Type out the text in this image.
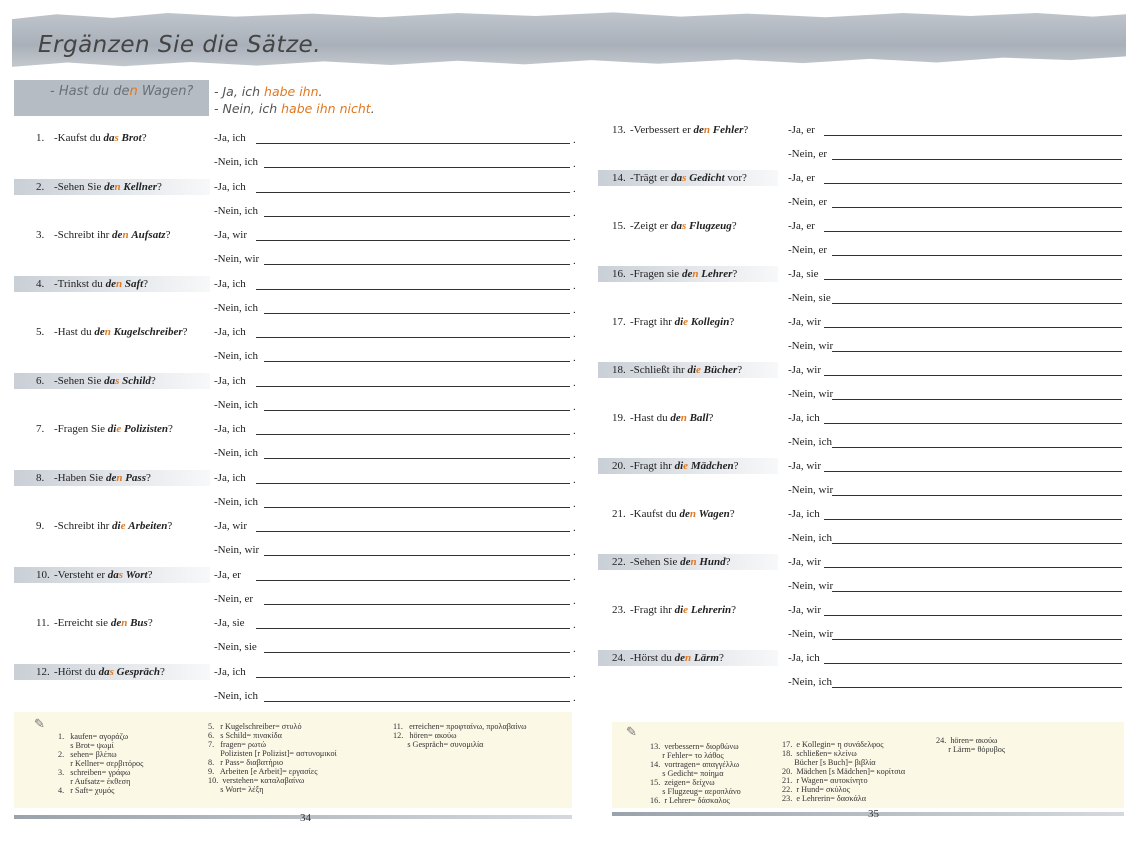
Ergänzen Sie die Sätze.
- Hast du den Wagen? - Ja, ich habe ihn.
- Nein, ich habe ihn nicht.
1. -Kaufst du das Brot?	-Ja, ich	.
-Nein, ich	.
2. -Sehen Sie den Kellner?	-Ja, ich	.
-Nein, ich	.
3. -Schreibt ihr den Aufsatz?	-Ja, wir	.
-Nein, wir	.
4. -Trinkst du den Saft?	-Ja, ich	.
-Nein, ich	.
5. -Hast du den Kugelschreiber? -Ja, ich	.
-Nein, ich	.
6. -Sehen Sie das Schild?	-Ja, ich	.
-Nein, ich	.
7. -Fragen Sie die Polizisten?	-Ja, ich	.
-Nein, ich	.
8. -Haben Sie den Pass?	-Ja, ich	.
-Nein, ich	.
9. -Schreibt ihr die Arbeiten?	-Ja, wir	.
-Nein, wir	.
10. -Versteht er das Wort?	-Ja, er	.
-Nein, er	.
11. -Erreicht sie den Bus?	-Ja, sie	.
-Nein, sie	.
12. -Hörst du das Gespräch?	-Ja, ich	.
-Nein, ich	.
13. -Verbessert er den Fehler?	-Ja, er
-Nein, er
14. -Trägt er das Gedicht vor?	-Ja, er
-Nein, er
15. -Zeigt er das Flugzeug?	-Ja, er
-Nein, er
16. -Fragen sie den Lehrer?	-Ja, sie
-Nein, sie
17. -Fragt ihr die Kollegin?	-Ja, wir
-Nein, wir
18. -Schließt ihr die Bücher?	-Ja, wir
-Nein, wir
19. -Hast du den Ball?	-Ja, ich
-Nein, ich
20. -Fragt ihr die Mädchen?	-Ja, wir
-Nein, wir
21. -Kaufst du den Wagen?	-Ja, ich
-Nein, ich
22. -Sehen Sie den Hund?	-Ja, wir
-Nein, wir
23. -Fragt ihr die Lehrerin?	-Ja, wir
-Nein, wir
24. -Hörst du den Lärm?	-Ja, ich
-Nein, ich
✎
1.   kaufen= αγοράζω
s Brot= ψωμί
2.   sehen= βλέπω
r Kellner= σερβιτόρος
3.   schreiben= γράφω
r Aufsatz= έκθεση
4.   r Saft= χυμός
5.   r Kugelschreiber= στυλό
6.   s Schild= πινακίδα
7.   fragen= ρωτώ
Polizisten [r Polizist]= αστυνομικοί
8.   r Pass= διαβατήριο
9.   Arbeiten [e Arbeit]= εργασίες
10.  verstehen= καταλαβαίνω
s Wort= λέξη
11.   erreichen= προφταίνω, προλαβαίνω
12.   hören= ακούω
s Gespräch= συνομιλία
✎
13.  verbessern= διορθώνω
r Fehler= το λάθος
14.  vortragen= απαγγέλλω
s Gedicht= ποίημα
15.  zeigen= δείχνω
s Flugzeug= αεροπλάνο
16.  r Lehrer= δάσκαλος
17.  e Kollegin= η συνάδελφος
18.  schließen= κλείνω
Bücher [s Buch]= βιβλία
20.  Mädchen [s Mädchen]= κορίτσια
21.  r Wagen= αυτοκίνητο
22.  r Hund= σκύλος
23.  e Lehrerin= δασκάλα
24.  hören= ακούω
r Lärm= θόρυβος
34	35
